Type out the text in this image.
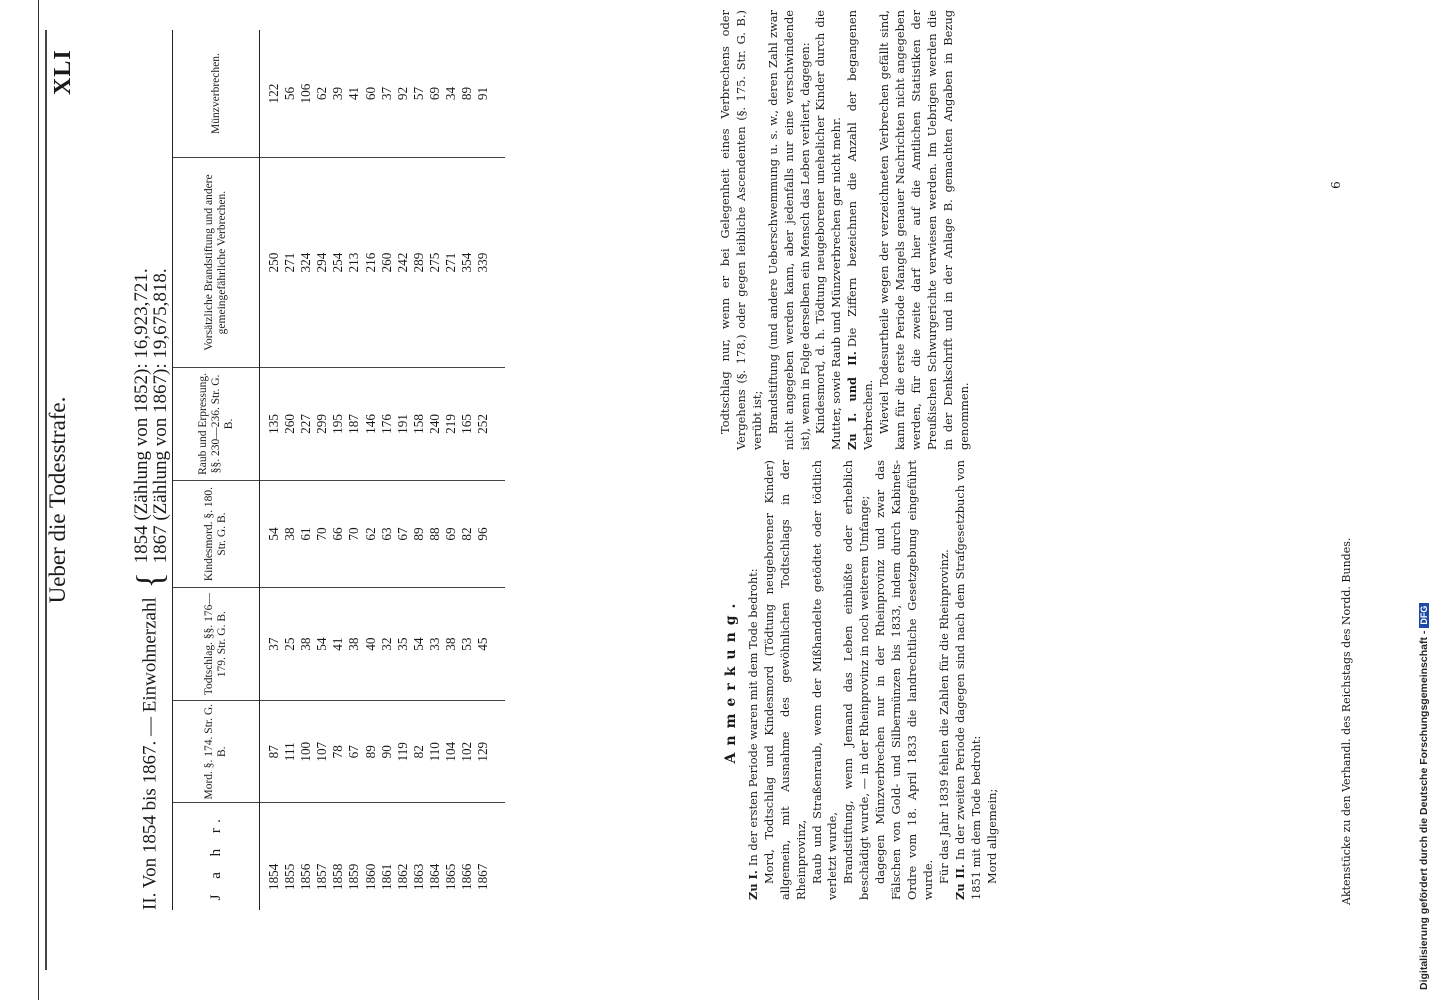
Ueber die Todesstrafe.
XLI
II. Von 1854 bis 1867. — Einwohnerzahl { 1854 (Zählung von 1852): 16,923,721.
1867 (Zählung von 1867): 19,675,818.
J a h r.	Mord. §. 174. Str. G. B.	Todtschlag. §§. 176—179. Str. G. B.	Kindesmord. §. 180. Str. G. B.	Raub und Erpressung. §§. 230—236. Str. G. B.	Vorsätzliche Brandstiftung und andere gemeingefährliche Verbrechen.	Münzverbrechen.
1854	87	37	54	135	250	122
1855	111	25	38	260	271	56
1856	100	38	61	227	324	106
1857	107	54	70	299	294	62
1858	78	41	66	195	254	39
1859	67	38	70	187	213	41
1860	89	40	62	146	216	60
1861	90	32	63	176	260	37
1862	119	35	67	191	242	92
1863	82	54	89	158	289	57
1864	110	33	88	240	275	69
1865	104	38	69	219	271	34
1866	102	53	82	165	354	89
1867	129	45	96	252	339	91
Anmerkung.

Zu I.In der ersten Periode waren mit dem Tode bedroht: Mord, Todtschlag und Kindesmord (Tödtung neugeborener Kinder) allgemein, mit Ausnahme des gewöhnlichen Todtschlags in der Rheinprovinz, Raub und Straßenraub, wenn der Mißhandelte getödtet oder tödtlich verletzt wurde, Brandstiftung, wenn Jemand das Leben einbüßte oder erheblich beschädigt wurde, — in der Rheinprovinz in noch weiterem Umfange; dagegen Münzverbrechen nur in der Rheinprovinz und zwar das Fälschen von Gold- und Silbermünzen bis 1833, indem durch Kabinets-Ordre vom 18. April 1833 die landrechtliche Gesetzgebung eingeführt wurde. Für das Jahr 1839 fehlen die Zahlen für die Rheinprovinz. Zu II.In der zweiten Periode dagegen sind nach dem Strafgesetzbuch von 1851 mit dem Tode bedroht: Mord allgemein;

Todtschlag nur, wenn er bei Gelegenheit eines Verbrechens oder Vergehens (§. 178.) oder gegen leibliche Ascendenten (§. 175. Str. G. B.) verübt ist; Brandstiftung (und andere Ueberschwemmung u. s. w., deren Zahl zwar nicht angegeben werden kann, aber jedenfalls nur eine verschwindende ist), wenn in Folge derselben ein Mensch das Leben verliert, dagegen: Kindesmord, d. h. Tödtung neugeborener unehelicher Kinder durch die Mutter, sowie Raub und Münzverbrechen gar nicht mehr. Zu I. und II.Die Ziffern bezeichnen die Anzahl der begangenen Verbrechen. Wieviel Todesurtheile wegen der verzeichneten Verbrechen gefällt sind, kann für die erste Periode Mangels genauer Nachrichten nicht angegeben werden, für die zweite darf hier auf die Amtlichen Statistiken der Preußischen Schwurgerichte verwiesen werden. Im Uebrigen werden die in der Denkschrift und in der Anlage B. gemachten Angaben in Bezug genommen.

Aktenstücke zu den Verhandl. des Reichstags des Nordd. Bundes.
6
Digitalisierung gefördert durch die Deutsche Forschungsgemeinschaft -DFG
